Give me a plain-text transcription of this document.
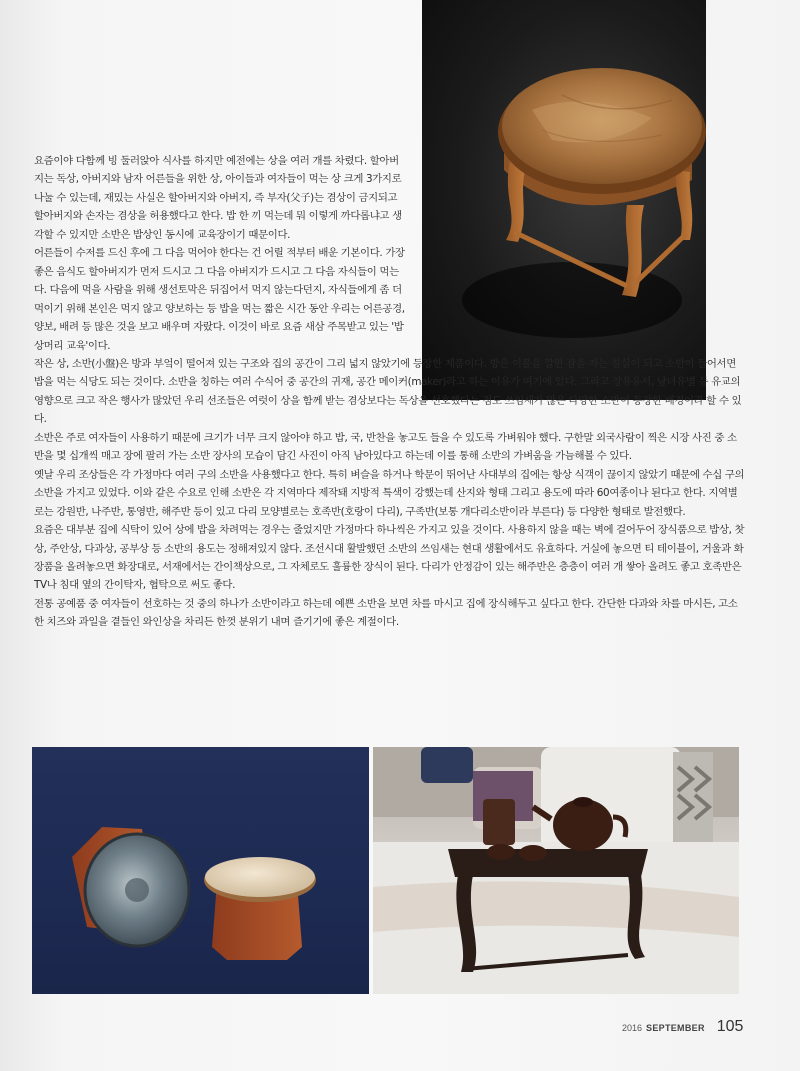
요즘이야 다함께 빙 둘러앉아 식사를 하지만 예전에는 상을 여러 개를 차렸다. 할아버지는 독상, 아버지와 남자 어른들을 위한 상, 아이들과 여자들이 먹는 상 크게 3가지로 나눌 수 있는데, 재밌는 사실은 할아버지와 아버지, 즉 부자(父子)는 겸상이 금지되고 할아버지와 손자는 겸상을 허용했다고 한다. 밥 한 끼 먹는데 뭐 이렇게 까다롭냐고 생각할 수 있지만 소반은 밥상인 동시에 교육장이기 때문이다.

어른들이 수저를 드신 후에 그 다음 먹어야 한다는 건 어릴 적부터 배운 기본이다. 가장 좋은 음식도 할아버지가 먼저 드시고 그 다음 아버지가 드시고 그 다음 자식들이 먹는다. 다음에 먹을 사람을 위해 생선토막은 뒤집어서 먹지 않는다던지, 자식들에게 좀 더 먹이기 위해 본인은 먹지 않고 양보하는 등 밥을 먹는 짧은 시간 동안 우리는 어른공경, 양보, 배려 등 많은 것을 보고 배우며 자랐다. 이것이 바로 요즘 새삼 주목받고 있는 '밥상머리 교육'이다.

작은 상, 소반(小盤)은 방과 부엌이 떨어져 있는 구조와 집의 공간이 그리 넓지 않았기에 등장한 제품이다. 방은 이불을 깔면 잠을 자는 침실이 되고 소반이 들어서면 밥을 먹는 식당도 되는 것이다. 소반을 칭하는 여러 수식어 중 공간의 귀재, 공간 메이커(maker)라고 하는 이유가 여기에 있다. 그리고 장유유서, 남녀유별 등 유교의 영향으로 크고 작은 행사가 많았던 우리 선조들은 여럿이 상을 함께 받는 겸상보다는 독상을 선호했다는 점도 쓰임새가 많은 다양한 소반이 등장한 배경이라 할 수 있다.

소반은 주로 여자들이 사용하기 때문에 크기가 너무 크지 않아야 하고 밥, 국, 반찬을 놓고도 들을 수 있도록 가벼워야 했다. 구한말 외국사람이 찍은 시장 사진 중 소반을 몇 십개씩 매고 장에 팔러 가는 소반 장사의 모습이 담긴 사진이 아직 남아있다고 하는데 이를 통해 소반의 가벼움을 가늠해볼 수 있다.

옛날 우리 조상들은 각 가정마다 여러 구의 소반을 사용했다고 한다. 특히 벼슬을 하거나 학문이 뛰어난 사대부의 집에는 항상 식객이 끊이지 않았기 때문에 수십 구의 소반을 가지고 있었다. 이와 같은 수요로 인해 소반은 각 지역마다 제작돼 지방적 특색이 강했는데 산지와 형태 그리고 용도에 따라 60여종이나 된다고 한다. 지역별로는 강원반, 나주반, 통영반, 해주반 등이 있고 다리 모양별로는 호족반(호랑이 다리), 구족반(보통 개다리소반이라 부른다) 등 다양한 형태로 발전했다.

요즘은 대부분 집에 식탁이 있어 상에 밥을 차려먹는 경우는 줄었지만 가정마다 하나씩은 가지고 있을 것이다. 사용하지 않을 때는 벽에 걸어두어 장식품으로 밥상, 찻상, 주안상, 다과상, 공부상 등 소반의 용도는 정해져있지 않다. 조선시대 활발했던 소반의 쓰임새는 현대 생활에서도 유효하다. 거실에 놓으면 티 테이블이, 거울과 화장품을 올려놓으면 화장대로, 서재에서는 간이책상으로, 그 자체로도 훌륭한 장식이 된다. 다리가 안정감이 있는 해주반은 층층이 여러 개 쌓아 올려도 좋고 호족반은 TV나 침대 옆의 간이탁자, 협탁으로 써도 좋다.

전통 공예품 중 여자들이 선호하는 것 중의 하나가 소반이라고 하는데 예쁜 소반을 보면 차를 마시고 집에 장식해두고 싶다고 한다. 간단한 다과와 차를 마시든, 고소한 치즈와 과일을 곁들인 와인상을 차리든 한껏 분위기 내며 즐기기에 좋은 계절이다.

2016 SEPTEMBER 105
